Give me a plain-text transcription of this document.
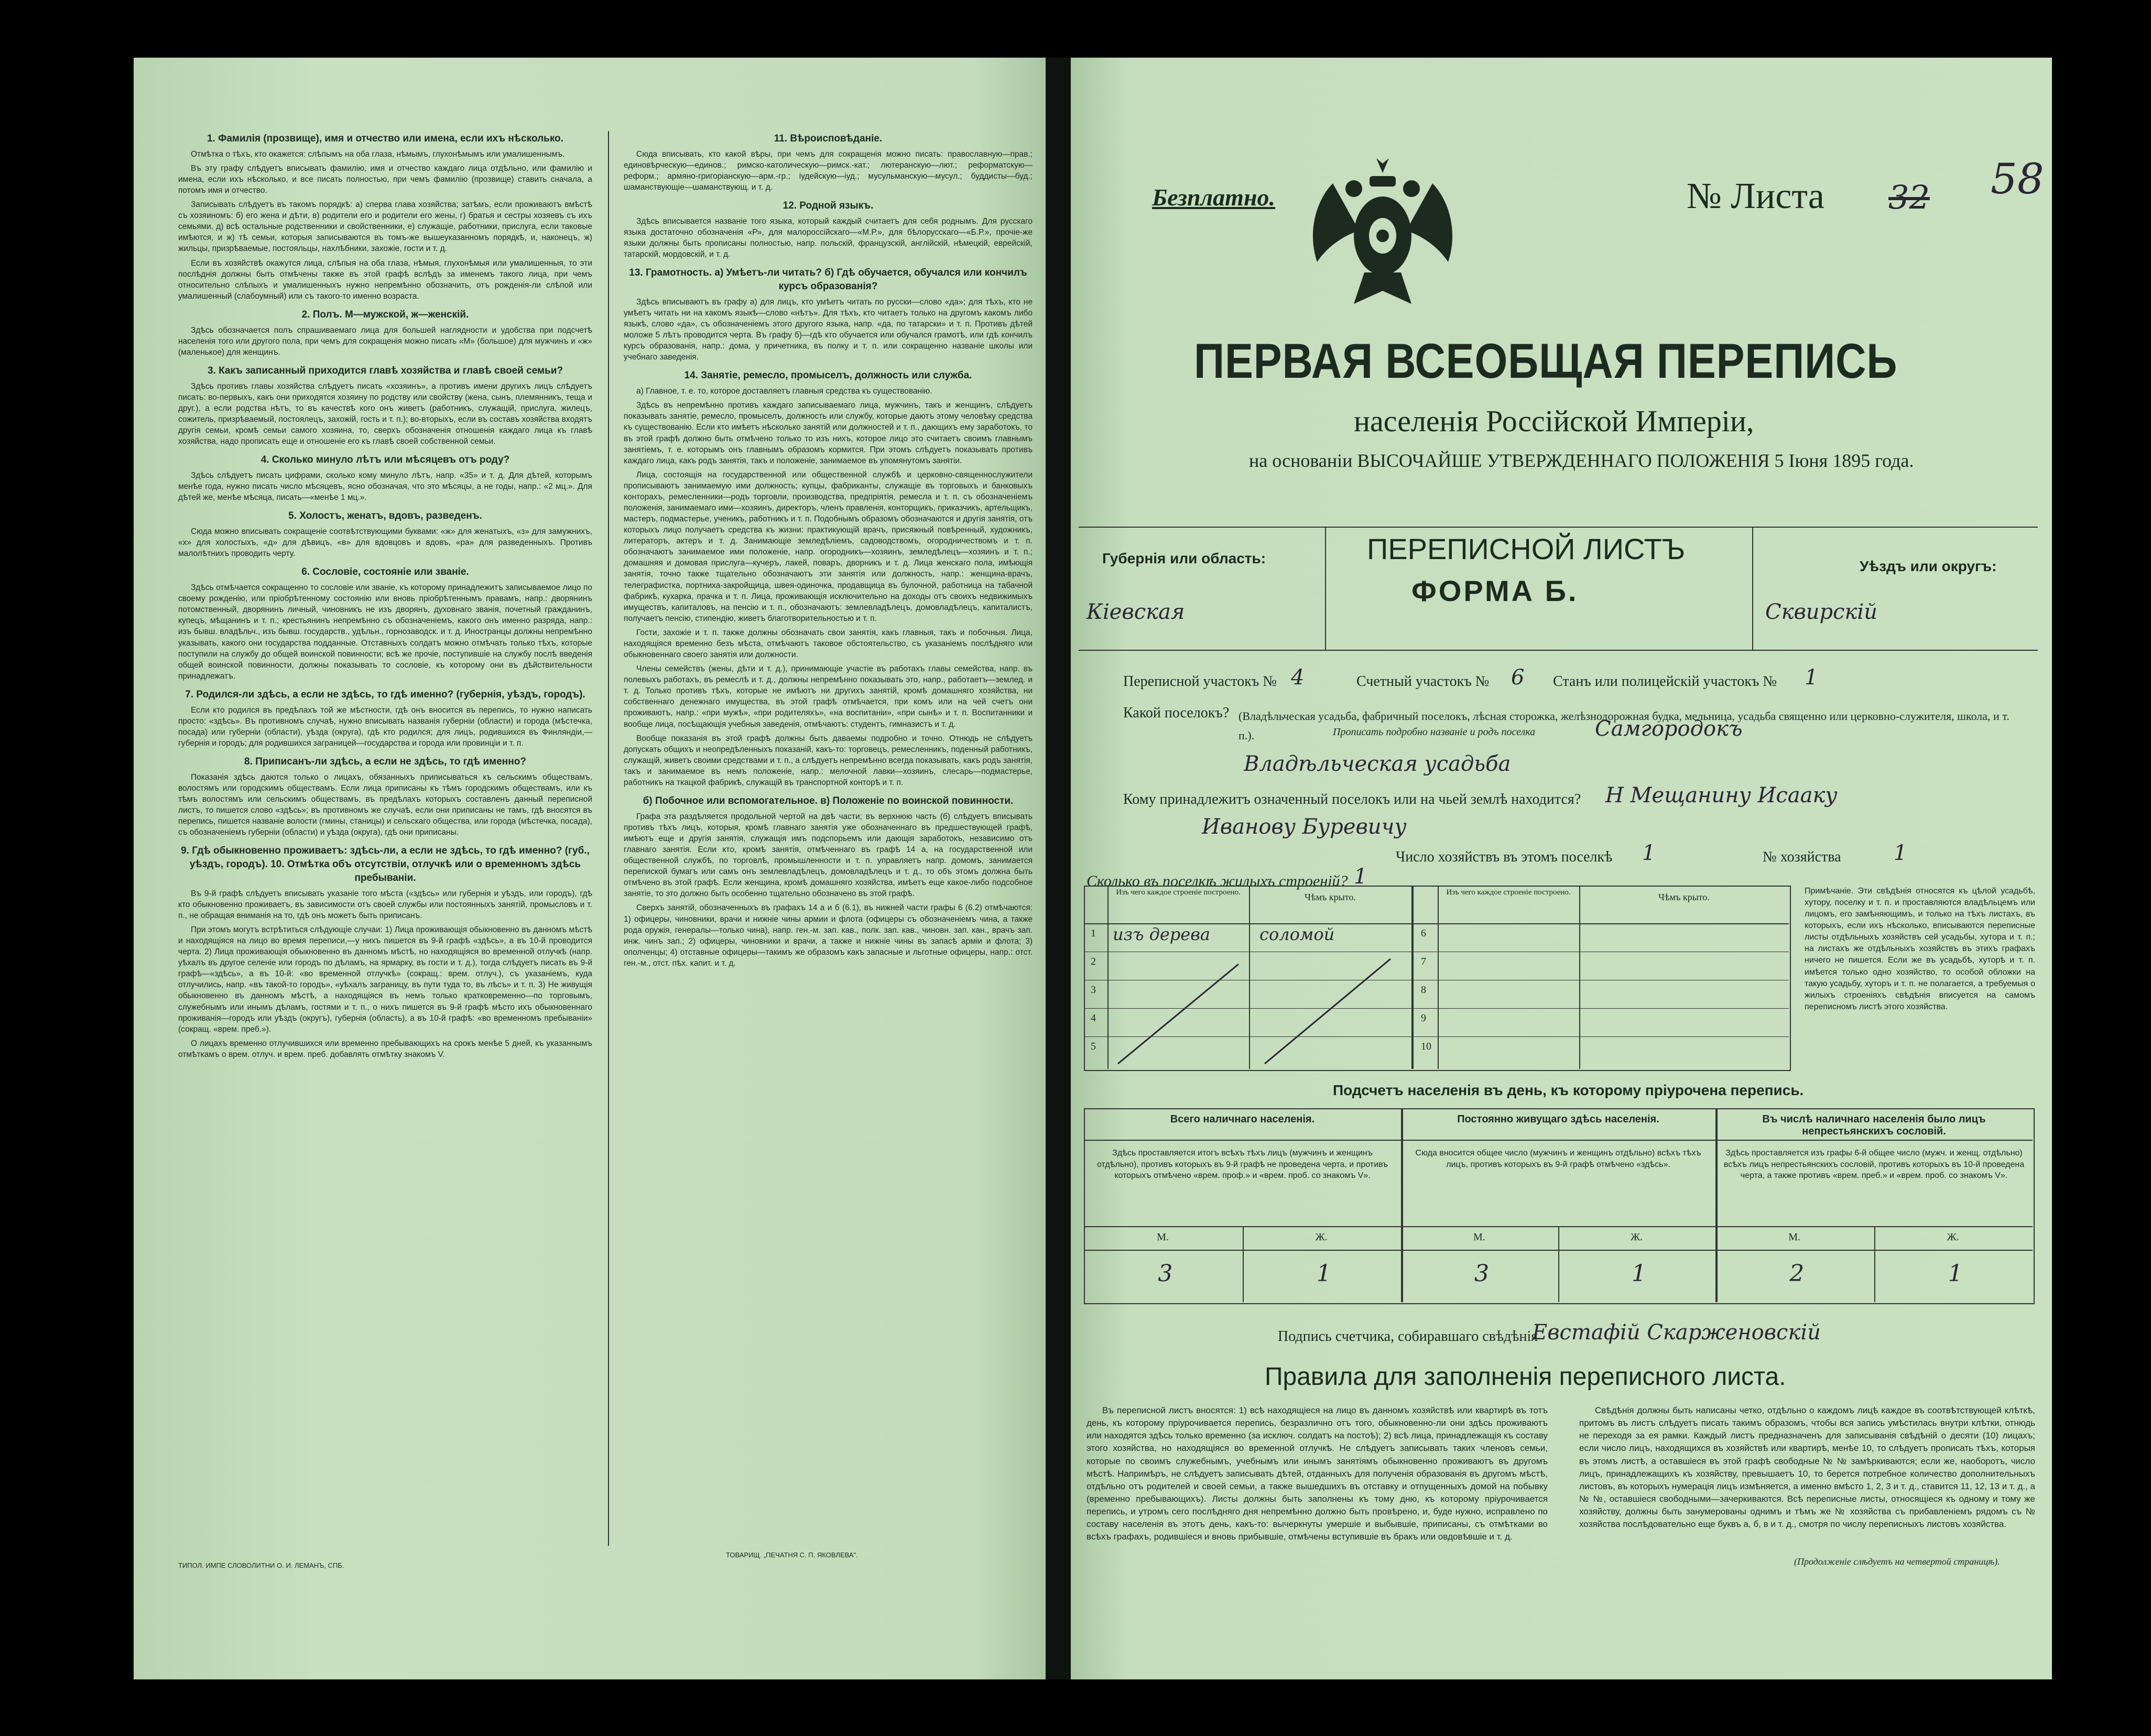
1. Фамилія (прозвище), имя и отчество или имена, если ихъ нѣсколько.

Отмѣтка о тѣхъ, кто окажется: слѣпымъ на оба глаза, нѣмымъ, глухонѣмымъ или умалишеннымъ.

Въ эту графу слѣдуетъ вписывать фамилію, имя и отчество каждаго лица отдѣльно, или фамилію и имена, если ихъ нѣсколько, и все писать полностью, при чемъ фамилію (прозвище) ставить сначала, а потомъ имя и отчество.

Записывать слѣдуетъ въ такомъ порядкѣ: а) сперва глава хозяйства; затѣмъ, если проживаютъ вмѣстѣ съ хозяиномъ: б) его жена и дѣти, в) родители его и родители его жены, г) братья и сестры хозяевъ съ ихъ семьями, д) всѣ остальные родственники и свойственники, е) служащіе, работники, прислуга, если таковые имѣются, и ж) тѣ семьи, которыя записываются въ томъ-же вышеуказанномъ порядкѣ, и, наконецъ, ж) жильцы, призрѣваемые, постояльцы, нахлѣбники, захожіе, гости и т. д.

Если въ хозяйствѣ окажутся лица, слѣпыя на оба глаза, нѣмыя, глухонѣмыя или умалишенныя, то эти послѣднія должны быть отмѣчены также въ этой графѣ вслѣдъ за именемъ такого лица, при чемъ относительно слѣпыхъ и умалишенныхъ нужно непремѣнно обозначить, отъ рожденія-ли слѣпой или умалишенный (слабоумный) или съ такого-то именно возраста.

2. Полъ. М—мужской, ж—женскій.

Здѣсь обозначается полъ спрашиваемаго лица для большей наглядности и удобства при подсчетѣ населенія того или другого пола, при чемъ для сокращенія можно писать «М» (большое) для мужчинъ и «ж» (маленькое) для женщинъ.

3. Какъ записанный приходится главѣ хозяйства и главѣ своей семьи?

Здѣсь противъ главы хозяйства слѣдуетъ писать «хозяинъ», а противъ имени другихъ лицъ слѣдуетъ писать: во-первыхъ, какъ они приходятся хозяину по родству или свойству (жена, сынъ, племянникъ, теща и друг.), а если родства нѣтъ, то въ качествѣ кого онъ живетъ (работникъ, служащій, прислуга, жилецъ, сожитель, призрѣваемый, постоялецъ, захожій, гость и т. п.); во-вторыхъ, если въ составъ хозяйства входятъ другія семьи, кромѣ семьи самого хозяина, то, сверхъ обозначенія отношенія каждаго лица къ главѣ хозяйства, надо прописать еще и отношеніе его къ главѣ своей собственной семьи.

4. Сколько минуло лѣтъ или мѣсяцевъ отъ роду?

Здѣсь слѣдуетъ писать цифрами, сколько кому минуло лѣтъ, напр. «35» и т. д. Для дѣтей, которымъ менѣе года, нужно писать число мѣсяцевъ, ясно обозначая, что это мѣсяцы, а не годы, напр.: «2 мц.». Для дѣтей же, менѣе мѣсяца, писать—«менѣе 1 мц.».

5. Холостъ, женатъ, вдовъ, разведенъ.

Сюда можно вписывать сокращеніе соотвѣтствующими буквами: «ж» для женатыхъ, «з» для замужнихъ, «х» для холостыхъ, «д» для дѣвицъ, «в» для вдовцовъ и вдовъ, «ра» для разведенныхъ. Противъ малолѣтнихъ проводить черту.

6. Сословіе, состояніе или званіе.

Здѣсь отмѣчается сокращенно то сословіе или званіе, къ которому принадлежитъ записываемое лицо по своему рожденію, или пріобрѣтенному состоянію или вновь пріобрѣтеннымъ правамъ, напр.: дворянинъ потомственный, дворянинъ личный, чиновникъ не изъ дворянъ, духовнаго званія, почетный гражданинъ, купецъ, мѣщанинъ и т. п.; крестьянинъ непремѣнно съ обозначеніемъ, какого онъ именно разряда, напр.: изъ бывш. владѣльч., изъ бывш. государств., удѣльн., горнозаводск. и т. д. Иностранцы должны непремѣнно указывать, какого они государства подданные. Отставныхъ солдатъ можно отмѣчать только тѣхъ, которые поступили на службу до общей воинской повинности; всѣ же прочіе, поступившіе на службу послѣ введенія общей воинской повинности, должны показывать то сословіе, къ которому они въ дѣйствительности принадлежатъ.

7. Родился-ли здѣсь, а если не здѣсь, то гдѣ именно? (губернія, уѣздъ, городъ).

Если кто родился въ предѣлахъ той же мѣстности, гдѣ онъ вносится въ перепись, то нужно написать просто: «здѣсь». Въ противномъ случаѣ, нужно вписывать названія губерніи (области) и города (мѣстечка, посада) или губерніи (области), уѣзда (округа), гдѣ кто родился; для лицъ, родившихся въ Финляндіи,—губернія и городъ; для родившихся заграницей—государства и города или провинціи и т. п.

8. Приписанъ-ли здѣсь, а если не здѣсь, то гдѣ именно?

Показанія здѣсь даются только о лицахъ, обязанныхъ приписываться къ сельскимъ обществамъ, волостямъ или городскимъ обществамъ. Если лица приписаны къ тѣмъ городскимъ обществамъ, или къ тѣмъ волостямъ или сельскимъ обществамъ, въ предѣлахъ которыхъ составленъ данный переписной листъ, то пишется слово «здѣсь»; въ противномъ же случаѣ, если они приписаны не тамъ, гдѣ вносятся въ перепись, пишется названіе волости (гмины, станицы) и сельскаго общества, или города (мѣстечка, посада), съ обозначеніемъ губерніи (области) и уѣзда (округа), гдѣ они приписаны.

9. Гдѣ обыкновенно проживаетъ: здѣсь-ли, а если не здѣсь, то гдѣ именно? (губ., уѣздъ, городъ). 10. Отмѣтка объ отсутствіи, отлучкѣ или о временномъ здѣсь пребываніи.

Въ 9-й графѣ слѣдуетъ вписывать указаніе того мѣста («здѣсь» или губернія и уѣздъ, или городъ), гдѣ кто обыкновенно проживаетъ, въ зависимости отъ своей службы или постоянныхъ занятій, промысловъ и т. п., не обращая вниманія на то, гдѣ онъ можетъ быть приписанъ.

При этомъ могутъ встрѣтиться слѣдующіе случаи: 1) Лица проживающія обыкновенно въ данномъ мѣстѣ и находящіяся на лицо во время переписи,—у нихъ пишется въ 9-й графѣ «здѣсь», а въ 10-й проводится черта. 2) Лица проживающія обыкновенно въ данномъ мѣстѣ, но находящіяся во временной отлучкѣ (напр. уѣхалъ въ другое селеніе или городъ по дѣламъ, на ярмарку, въ гости и т. д.), тогда слѣдуетъ писать въ 9-й графѣ—«здѣсь», а въ 10-й: «во временной отлучкѣ» (сокращ.: врем. отлуч.), съ указаніемъ, куда отлучились, напр. «въ такой-то городъ», «уѣхалъ заграницу, въ пути туда то, въ лѣсъ» и т. п. 3) Не живущія обыкновенно въ данномъ мѣстѣ, а находящіяся въ немъ только кратковременно—по торговымъ, служебнымъ или инымъ дѣламъ, гостями и т. п., о нихъ пишется въ 9-й графѣ мѣсто ихъ обыкновеннаго проживанія—городъ или уѣздъ (округъ), губернія (область), а въ 10-й графѣ: «во временномъ пребываніи» (сокращ. «врем. преб.»).

О лицахъ временно отлучившихся или временно пребывающихъ на срокъ менѣе 5 дней, къ указаннымъ отмѣткамъ о врем. отлуч. и врем. преб. добавлять отмѣтку знакомъ V.

11. Вѣроисповѣданіе.

Сюда вписывать, кто какой вѣры, при чемъ для сокращенія можно писать: православную—прав.; единовѣрческую—единов.; римско-католическую—римск.-кат.; лютеранскую—лют.; реформатскую—реформ.; армяно-григоріанскую—арм.-гр.; іудейскую—іуд.; мусульманскую—мусул.; буддисты—буд.; шаманствующіе—шаманствующ. и т. д.

12. Родной языкъ.

Здѣсь вписывается названіе того языка, который каждый считаетъ для себя роднымъ. Для русскаго языка достаточно обозначенія «Р», для малороссійскаго—«М.Р.», для бѣлорусскаго—«Б.Р.», прочіе-же языки должны быть прописаны полностью, напр. польскій, французскій, англійскій, нѣмецкій, еврейскій, татарскій, мордовскій, и т. д.

13. Грамотность. а) Умѣетъ-ли читать? б) Гдѣ обучается, обучался или кончилъ курсъ образованія?

Здѣсь вписываютъ въ графу а) для лицъ, кто умѣетъ читать по русски—слово «да»; для тѣхъ, кто не умѣетъ читать ни на какомъ языкѣ—слово «нѣтъ». Для тѣхъ, кто читаетъ только на другомъ какомъ либо языкѣ, слово «да», съ обозначеніемъ этого другого языка, напр. «да, по татарски» и т. п. Противъ дѣтей моложе 5 лѣтъ проводится черта. Въ графу б)—гдѣ кто обучается или обучался грамотѣ, или гдѣ кончилъ курсъ образованія, напр.: дома, у причетника, въ полку и т. п. или сокращенно названіе школы или учебнаго заведенія.

14. Занятіе, ремесло, промыселъ, должность или служба.

а) Главное, т. е. то, которое доставляетъ главныя средства къ существованію.

Здѣсь въ непремѣнно противъ каждаго записываемаго лица, мужчинъ, такъ и женщинъ, слѣдуетъ показывать занятіе, ремесло, промыселъ, должность или службу, которые даютъ этому человѣку средства къ существованію. Если кто имѣетъ нѣсколько занятій или должностей и т. п., дающихъ ему заработокъ, то въ этой графѣ должно быть отмѣчено только то изъ нихъ, которое лицо это считаетъ своимъ главнымъ занятіемъ, т. е. которымъ онъ главнымъ образомъ кормится. При этомъ слѣдуетъ показывать противъ каждаго лица, какъ родъ занятія, такъ и положеніе, занимаемое въ упомянутомъ занятіи.

Лица, состоящія на государственной или общественной службѣ и церковно-священнослужители прописываютъ занимаемую ими должность; купцы, фабриканты, служащіе въ торговыхъ и банковыхъ конторахъ, ремесленники—родъ торговли, производства, предпріятія, ремесла и т. п. съ обозначеніемъ положенія, занимаемаго ими—хозяинъ, директоръ, членъ правленія, конторщикъ, приказчикъ, артельщикъ, мастеръ, подмастерье, ученикъ, работникъ и т. п. Подобнымъ образомъ обозначаются и другія занятія, отъ которыхъ лицо получаетъ средства къ жизни: практикующій врачъ, присяжный повѣренный, художникъ, литераторъ, актеръ и т. д. Занимающіе земледѣліемъ, садоводствомъ, огородничествомъ и т. п. обозначаютъ занимаемое ими положеніе, напр. огородникъ—хозяинъ, земледѣлецъ—хозяинъ и т. п.; домашняя и домовая прислуга—кучеръ, лакей, поваръ, дворникъ и т. д. Лица женскаго пола, имѣющія занятія, точно также тщательно обозначаютъ эти занятія или должность, напр.: женщина-врачъ, телеграфистка, портниха-закройщица, швея-одиночка, продавщица въ булочной, работница на табачной фабрикѣ, кухарка, прачка и т. п. Лица, проживающія исключительно на доходы отъ своихъ недвижимыхъ имуществъ, капиталовъ, на пенсію и т. п., обозначаютъ: землевладѣлецъ, домовладѣлецъ, капиталистъ, получаетъ пенсію, стипендію, живетъ благотворительностью и т. п.

Гости, захожіе и т. п. также должны обозначать свои занятія, какъ главныя, такъ и побочныя. Лица, находящіяся временно безъ мѣста, отмѣчаютъ таковое обстоятельство, съ указаніемъ послѣдняго или обыкновеннаго своего занятія или должности.

Члены семействъ (жены, дѣти и т. д.), принимающіе участіе въ работахъ главы семейства, напр. въ полевыхъ работахъ, въ ремеслѣ и т. д., должны непремѣнно показывать это, напр., работаетъ—землед. и т. д. Только противъ тѣхъ, которые не имѣютъ ни другихъ занятій, кромѣ домашняго хозяйства, ни собственнаго денежнаго имущества, въ этой графѣ отмѣчается, при комъ или на чей счетъ они проживаютъ, напр.: «при мужѣ», «при родителяхъ», «на воспитаніи», «при сынѣ» и т. п. Воспитанники и вообще лица, посѣщающія учебныя заведенія, отмѣчаютъ: студентъ, гимназистъ и т. д.

Вообще показанія въ этой графѣ должны быть даваемы подробно и точно. Отнюдь не слѣдуетъ допускать общихъ и неопредѣленныхъ показаній, какъ-то: торговецъ, ремесленникъ, поденный работникъ, служащій, живетъ своими средствами и т. п., а слѣдуетъ непремѣнно всегда показывать, какъ родъ занятія, такъ и занимаемое въ немъ положеніе, напр.: мелочной лавки—хозяинъ, слесарь—подмастерье, работникъ на ткацкой фабрикѣ, служащій въ транспортной конторѣ и т. п.

б) Побочное или вспомогательное. в) Положеніе по воинской повинности.

Графа эта раздѣляется продольной чертой на двѣ части; въ верхнюю часть (б) слѣдуетъ вписывать противъ тѣхъ лицъ, которыя, кромѣ главнаго занятія уже обозначеннаго въ предшествующей графѣ, имѣютъ еще и другія занятія, служащія имъ подспорьемъ или дающія заработокъ, независимо отъ главнаго занятія. Если кто, кромѣ занятія, отмѣченнаго въ графѣ 14 а, на государственной или общественной службѣ, по торговлѣ, промышленности и т. п. управляетъ напр. домомъ, занимается перепиской бумагъ или самъ онъ землевладѣлецъ, домовладѣлецъ и т. д., то объ этомъ должна быть отмѣчено въ этой графѣ. Если женщина, кромѣ домашняго хозяйства, имѣетъ еще какое-либо подсобное занятіе, то это должно быть особенно тщательно обозначено въ этой графѣ.

Сверхъ занятій, обозначенныхъ въ графахъ 14 а и б (6.1), въ нижней части графы 6 (6.2) отмѣчаются: 1) офицеры, чиновники, врачи и нижніе чины армии и флота (офицеры съ обозначеніемъ чина, а также рода оружія, генералы—только чина), напр. ген.-м. зап. кав., полк. зап. кав., чиновн. зап. кан., врачъ зап. инж. чинъ зап.; 2) офицеры, чиновники и врачи, а также и нижніе чины въ запасѣ арміи и флота; 3) ополченцы; 4) отставные офицеры—такимъ же образомъ какъ запасные и льготные офицеры, напр.: отст. ген.-м., отст. пѣх. капит. и т. д.

ТИПОЛ. ИМПЕ СЛОВОЛИТНИ О. И. ЛЕМАНЪ, СПБ.
ТОВАРИЩ. „ПЕЧАТНЯ С. П. ЯКОВЛЕВА".
Безплатно.	№ Листа 32 58
ПЕРВАЯ ВСЕОБЩАЯ ПЕРЕПИСЬ
населенія Россійской Имперіи,
на основаніи ВЫСОЧАЙШЕ УТВЕРЖДЕННАГО ПОЛОЖЕНІЯ 5 Іюня 1895 года.
Губернія или область:
Кіевская
ПЕРЕПИСНОЙ ЛИСТЪ
ФОРМА Б.
Уѣздъ или округъ:
Сквирскій
Переписной участокъ № 4	Счетный участокъ № 6 Станъ или полицейскій участокъ № 1
Какой поселокъ? (Владѣльческая усадьба, фабричный поселокъ, лѣсная сторожка, желѣзнодорожная будка, мельница, усадьба священно или церковно-служителя, школа, и т. п.).	Прописать подробно названіе и родъ поселка	Самгородокъ
Владѣльческая усадьба
Кому принадлежитъ означенный поселокъ или на чьей землѣ находится? Н Мещанину Исааку
Иванову Буревичу
Число хозяйствъ въ этомъ поселкѣ 1	№ хозяйства	1
Сколько въ поселкѣ жилыхъ строеній? 1
Изъ чего каждое строеніе построено.	Чѣмъ крыто.	Изъ чего каждое строеніе построено.	Чѣмъ крыто.
Примѣчаніе. Эти свѣдѣнія относятся къ цѣлой усадьбѣ, хутору, поселку и т. п. и проставляются владѣльцемъ или лицомъ, его замѣняющимъ, и только на тѣхъ листахъ, въ которыхъ, если ихъ нѣсколько, вписываются переписные листы отдѣльныхъ хозяйствъ сей усадьбы, хутора и т. п.; на листахъ же отдѣльныхъ хозяйствъ въ этихъ графахъ ничего не пишется. Если же въ усадьбѣ, хуторѣ и т. п. имѣется только одно хозяйство, то особой обложки на такую усадьбу, хуторъ и т. п. не полагается, а требуемыя о жилыхъ строеніяхъ свѣдѣнія вписуется на самомъ переписномъ листѣ этого хозяйства.
Подсчетъ населенія въ день, къ которому пріурочена перепись.
Подпись счетчика, собиравшаго свѣдѣнія
Евстафій Скарженовскій
Правила для заполненія переписного листа.
Въ переписной листъ вносятся: 1) всѣ находящіеся на лицо въ данномъ хозяйствѣ или квартирѣ въ тотъ день, къ которому пріурочивается перепись, безразлично отъ того, обыкновенно-ли они здѣсь проживаютъ или находятся здѣсь только временно (за исключ. солдатъ на постоѣ); 2) всѣ лица, принадлежащія къ составу этого хозяйства, но находящіяся во временной отлучкѣ. Не слѣдуетъ записывать таких членовъ семьи, которые по своимъ служебнымъ, учебнымъ или инымъ занятіямъ обыкновенно проживаютъ въ другомъ мѣстѣ. Напримѣръ, не слѣдуетъ записывать дѣтей, отданныхъ для полученія образованія въ другомъ мѣстѣ, отдѣльно отъ родителей и своей семьи, а также вышедшихъ въ отставку и отпущенныхъ домой на побывку (временно пребывающихъ). Листы должны быть заполнены къ тому дню, къ которому пріурочивается перепись, и утромъ сего послѣдняго дня непремѣнно должно быть провѣрено, и, буде нужно, исправлено по составу населенія въ этотъ день, какъ-то: вычеркнуты умершіе и выбывшіе, приписаны, съ отмѣтками во всѣхъ графахъ, родившіеся и вновь прибывшіе, отмѣчены вступившіе въ бракъ или овдовѣвшіе и т. д.
Свѣдѣнія должны быть написаны четко, отдѣльно о каждомъ лицѣ каждое въ соотвѣтствующей клѣткѣ, притомъ въ листъ слѣдуетъ писать такимъ образомъ, чтобы вся запись умѣстилась внутри клѣтки, отнюдь не переходя за ея рамки. Каждый листъ предназначенъ для записыванія свѣдѣній о десяти (10) лицахъ; если число лицъ, находящихся въ хозяйствѣ или квартирѣ, менѣе 10, то слѣдуетъ прописать тѣхъ, которыя въ этомъ листѣ, а оставшіеся въ этой графѣ свободные № № замѣркиваются; если же, наоборотъ, число лицъ, принадлежащихъ къ хозяйству, превышаетъ 10, то берется потребное количество дополнительныхъ листовъ, въ которыхъ нумерація лицъ измѣняется, а именно вмѣсто 1, 2, 3 и т. д., ставится 11, 12, 13 и т. д., а № №, оставшіеся свободными—зачеркиваются. Всѣ переписные листы, относящіеся къ одному и тому же хозяйству, должны быть занумерованы однимъ и тѣмъ же № хозяйства съ прибавленіемъ рядомъ съ № хозяйства послѣдовательно еще буквъ а, б, в и т. д., смотря по числу переписныхъ листовъ хозяйства.
(Продолженіе слѣдуетъ на четвертой страницѣ).
1 изъ дерева	соломой
2
3
4
5
6
7
8
9
10
Всего наличнаго населенія.
Здѣсь проставляется итогъ всѣхъ тѣхъ лицъ (мужчинъ и женщинъ отдѣльно), противъ которыхъ въ 9-й графѣ не проведена черта, и противъ которыхъ отмѣчено «врем. проф.» и «врем. проб. со знакомъ V».
М.	Ж.
3	1
Постоянно живущаго здѣсь населенія.
Сюда вносится общее число (мужчинъ и женщинъ отдѣльно) всѣхъ тѣхъ лицъ, противъ которыхъ въ 9-й графѣ отмѣчено «здѣсь».
М.	Ж.
3	1
Въ числѣ наличнаго населенія было лицъ непрестьянскихъ сословій.
Здѣсь проставляется изъ графы 6-й общее число (мужч. и женщ. отдѣльно) всѣхъ лицъ непрестьянскихъ сословій, противъ которыхъ въ 10-й проведена черта, а также противъ «врем. преб.» и «врем. проб. со знакомъ V».
М.	Ж.
2	1
